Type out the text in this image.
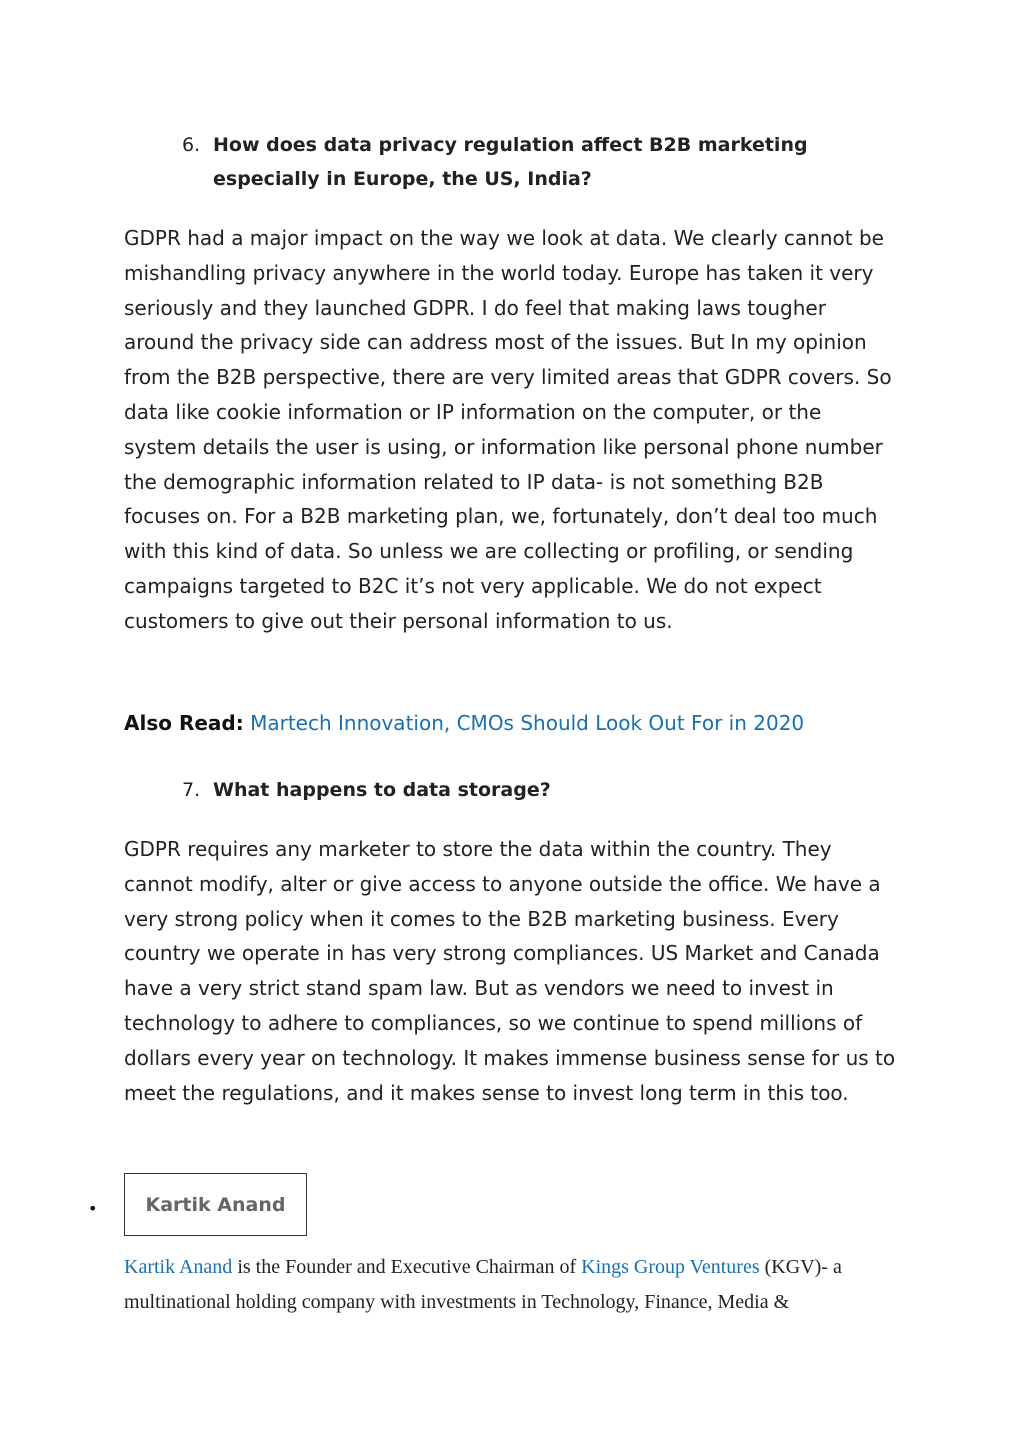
6. How does data privacy regulation affect B2B marketing especially in Europe, the US, India?

GDPR had a major impact on the way we look at data. We clearly cannot be mishandling privacy anywhere in the world today. Europe has taken it very seriously and they launched GDPR. I do feel that making laws tougher around the privacy side can address most of the issues. But In my opinion from the B2B perspective, there are very limited areas that GDPR covers. So data like cookie information or IP information on the computer, or the system details the user is using, or information like personal phone number the demographic information related to IP data- is not something B2B focuses on. For a B2B marketing plan, we, fortunately, don’t deal too much with this kind of data. So unless we are collecting or profiling, or sending campaigns targeted to B2C it’s not very applicable. We do not expect customers to give out their personal information to us.

Also Read: Martech Innovation, CMOs Should Look Out For in 2020
7. What happens to data storage?

GDPR requires any marketer to store the data within the country. They cannot modify, alter or give access to anyone outside the office. We have a very strong policy when it comes to the B2B marketing business. Every country we operate in has very strong compliances. US Market and Canada have a very strict stand spam law. But as vendors we need to invest in technology to adhere to compliances, so we continue to spend millions of dollars every year on technology. It makes immense business sense for us to meet the regulations, and it makes sense to invest long term in this too.

•	Kartik Anand
Kartik Anand is the Founder and Executive Chairman of Kings Group Ventures (KGV)- a multinational holding company with investments in Technology, Finance, Media &
